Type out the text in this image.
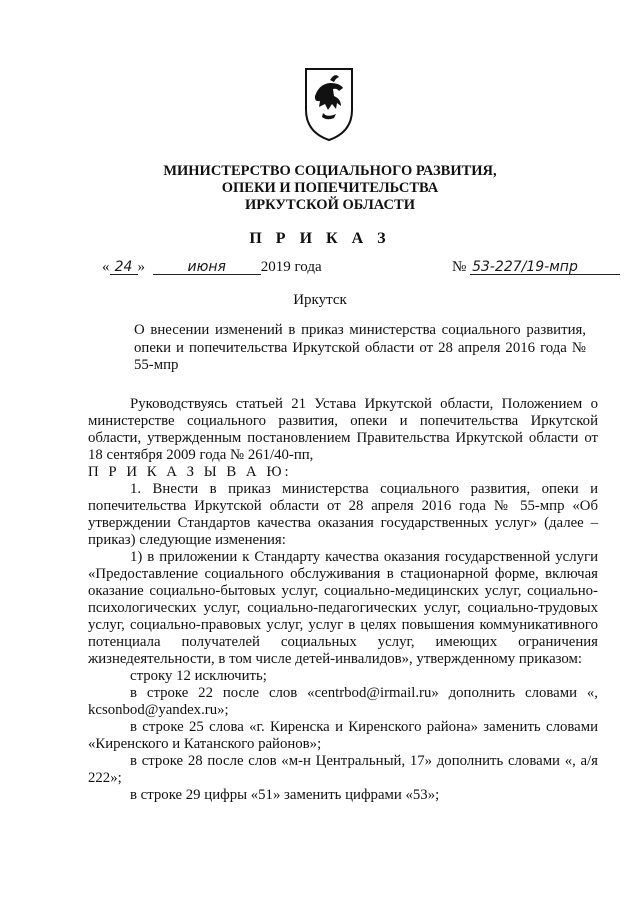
МИНИСТЕРСТВО СОЦИАЛЬНОГО РАЗВИТИЯ,
ОПЕКИ И ПОПЕЧИТЕЛЬСТВА
ИРКУТСКОЙ ОБЛАСТИ
П Р И К А З
« 24 »	июня 2019 года	№ 53-227/19-мпр
Иркутск
О внесении изменений в приказ министерства социального развития, опеки и попечительства Иркутской области от 28 апреля 2016 года № 55-мпр

Руководствуясь статьей 21 Устава Иркутской области, Положением о министерстве социального развития, опеки и попечительства Иркутской области, утвержденным постановлением Правительства Иркутской области от 18 сентября 2009 года № 261/40-пп,

П Р И К А З Ы В А Ю:

1. Внести в приказ министерства социального развития, опеки и попечительства Иркутской области от 28 апреля 2016 года № 55-мпр «Об утверждении Стандартов качества оказания государственных услуг» (далее – приказ) следующие изменения:

1) в приложении к Стандарту качества оказания государственной услуги «Предоставление социального обслуживания в стационарной форме, включая оказание социально-бытовых услуг, социально-медицинских услуг, социально-психологических услуг, социально-педагогических услуг, социально-трудовых услуг, социально-правовых услуг, услуг в целях повышения коммуникативного потенциала получателей социальных услуг, имеющих ограничения жизнедеятельности, в том числе детей-инвалидов», утвержденному приказом:

строку 12 исключить;

в строке 22 после слов «centrbod@irmail.ru» дополнить словами «, kcsonbod@yandex.ru»;

в строке 25 слова «г. Киренска и Киренского района» заменить словами «Киренского и Катанского районов»;

в строке 28 после слов «м-н Центральный, 17» дополнить словами «, а/я 222»;

в строке 29 цифры «51» заменить цифрами «53»;
